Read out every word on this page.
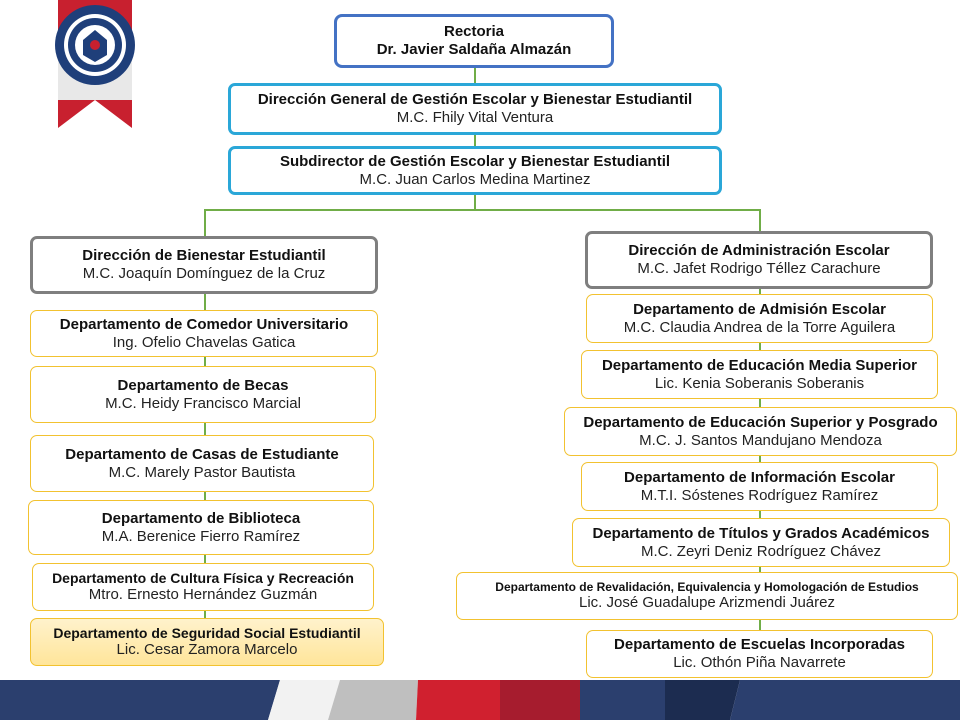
Rectoria
Dr. Javier Saldaña Almazán
Dirección General de Gestión Escolar y Bienestar Estudiantil
M.C. Fhily Vital Ventura
Subdirector de Gestión Escolar y Bienestar Estudiantil
M.C. Juan Carlos Medina Martinez
Dirección de Bienestar Estudiantil
M.C. Joaquín Domínguez de la Cruz
Departamento de Comedor Universitario
Ing. Ofelio Chavelas Gatica
Departamento de Becas
M.C. Heidy Francisco Marcial
Departamento de Casas de Estudiante
M.C. Marely Pastor Bautista
Departamento de Biblioteca
M.A. Berenice Fierro Ramírez
Departamento de Cultura Física y Recreación
Mtro. Ernesto Hernández Guzmán
Departamento de Seguridad Social Estudiantil
Lic. Cesar Zamora Marcelo
Dirección de Administración Escolar
M.C. Jafet Rodrigo Téllez Carachure
Departamento de Admisión Escolar
M.C. Claudia Andrea de la Torre Aguilera
Departamento de Educación Media Superior
Lic. Kenia Soberanis Soberanis
Departamento de Educación Superior y Posgrado
M.C. J. Santos Mandujano Mendoza
Departamento de Información Escolar
M.T.I. Sóstenes Rodríguez Ramírez
Departamento de Títulos y Grados Académicos
M.C. Zeyri Deniz Rodríguez Chávez
Departamento de Revalidación, Equivalencia y Homologación de Estudios
Lic. José Guadalupe Arizmendi Juárez
Departamento de Escuelas Incorporadas
Lic. Othón Piña Navarrete
